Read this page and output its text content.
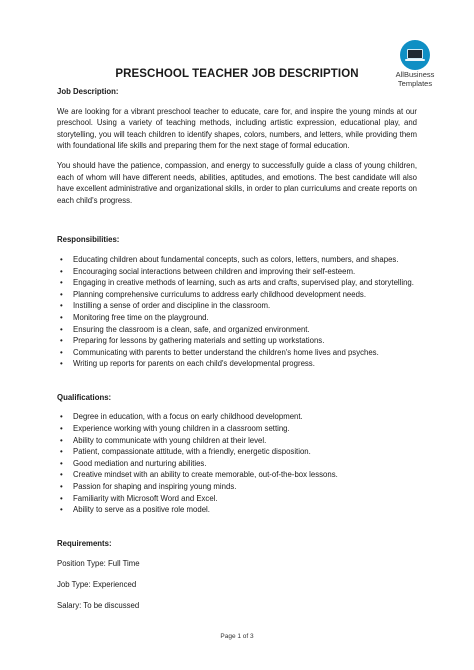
AllBusiness
Templates
PRESCHOOL TEACHER JOB DESCRIPTION

Job Description:

We are looking for a vibrant preschool teacher to educate, care for, and inspire the young minds at our preschool. Using a variety of teaching methods, including artistic expression, educational play, and storytelling, you will teach children to identify shapes, colors, numbers, and letters, while providing them with foundational life skills and preparing them for the next stage of formal education.

You should have the patience, compassion, and energy to successfully guide a class of young children, each of whom will have different needs, abilities, aptitudes, and emotions. The best candidate will also have excellent administrative and organizational skills, in order to plan curriculums and create reports on each child's progress.

Responsibilities:

• Educating children about fundamental concepts, such as colors, letters, numbers, and shapes.
• Encouraging social interactions between children and improving their self-esteem.
• Engaging in creative methods of learning, such as arts and crafts, supervised play, and storytelling.
• Planning comprehensive curriculums to address early childhood development needs.
• Instilling a sense of order and discipline in the classroom.
• Monitoring free time on the playground.
• Ensuring the classroom is a clean, safe, and organized environment.
• Preparing for lessons by gathering materials and setting up workstations.
• Communicating with parents to better understand the children's home lives and psyches.
• Writing up reports for parents on each child's developmental progress.

Qualifications:

• Degree in education, with a focus on early childhood development.
• Experience working with young children in a classroom setting.
• Ability to communicate with young children at their level.
• Patient, compassionate attitude, with a friendly, energetic disposition.
• Good mediation and nurturing abilities.
• Creative mindset with an ability to create memorable, out-of-the-box lessons.
• Passion for shaping and inspiring young minds.
• Familiarity with Microsoft Word and Excel.
• Ability to serve as a positive role model.

Requirements:

Position Type: Full Time

Job Type: Experienced

Salary: To be discussed

Page 1 of 3
